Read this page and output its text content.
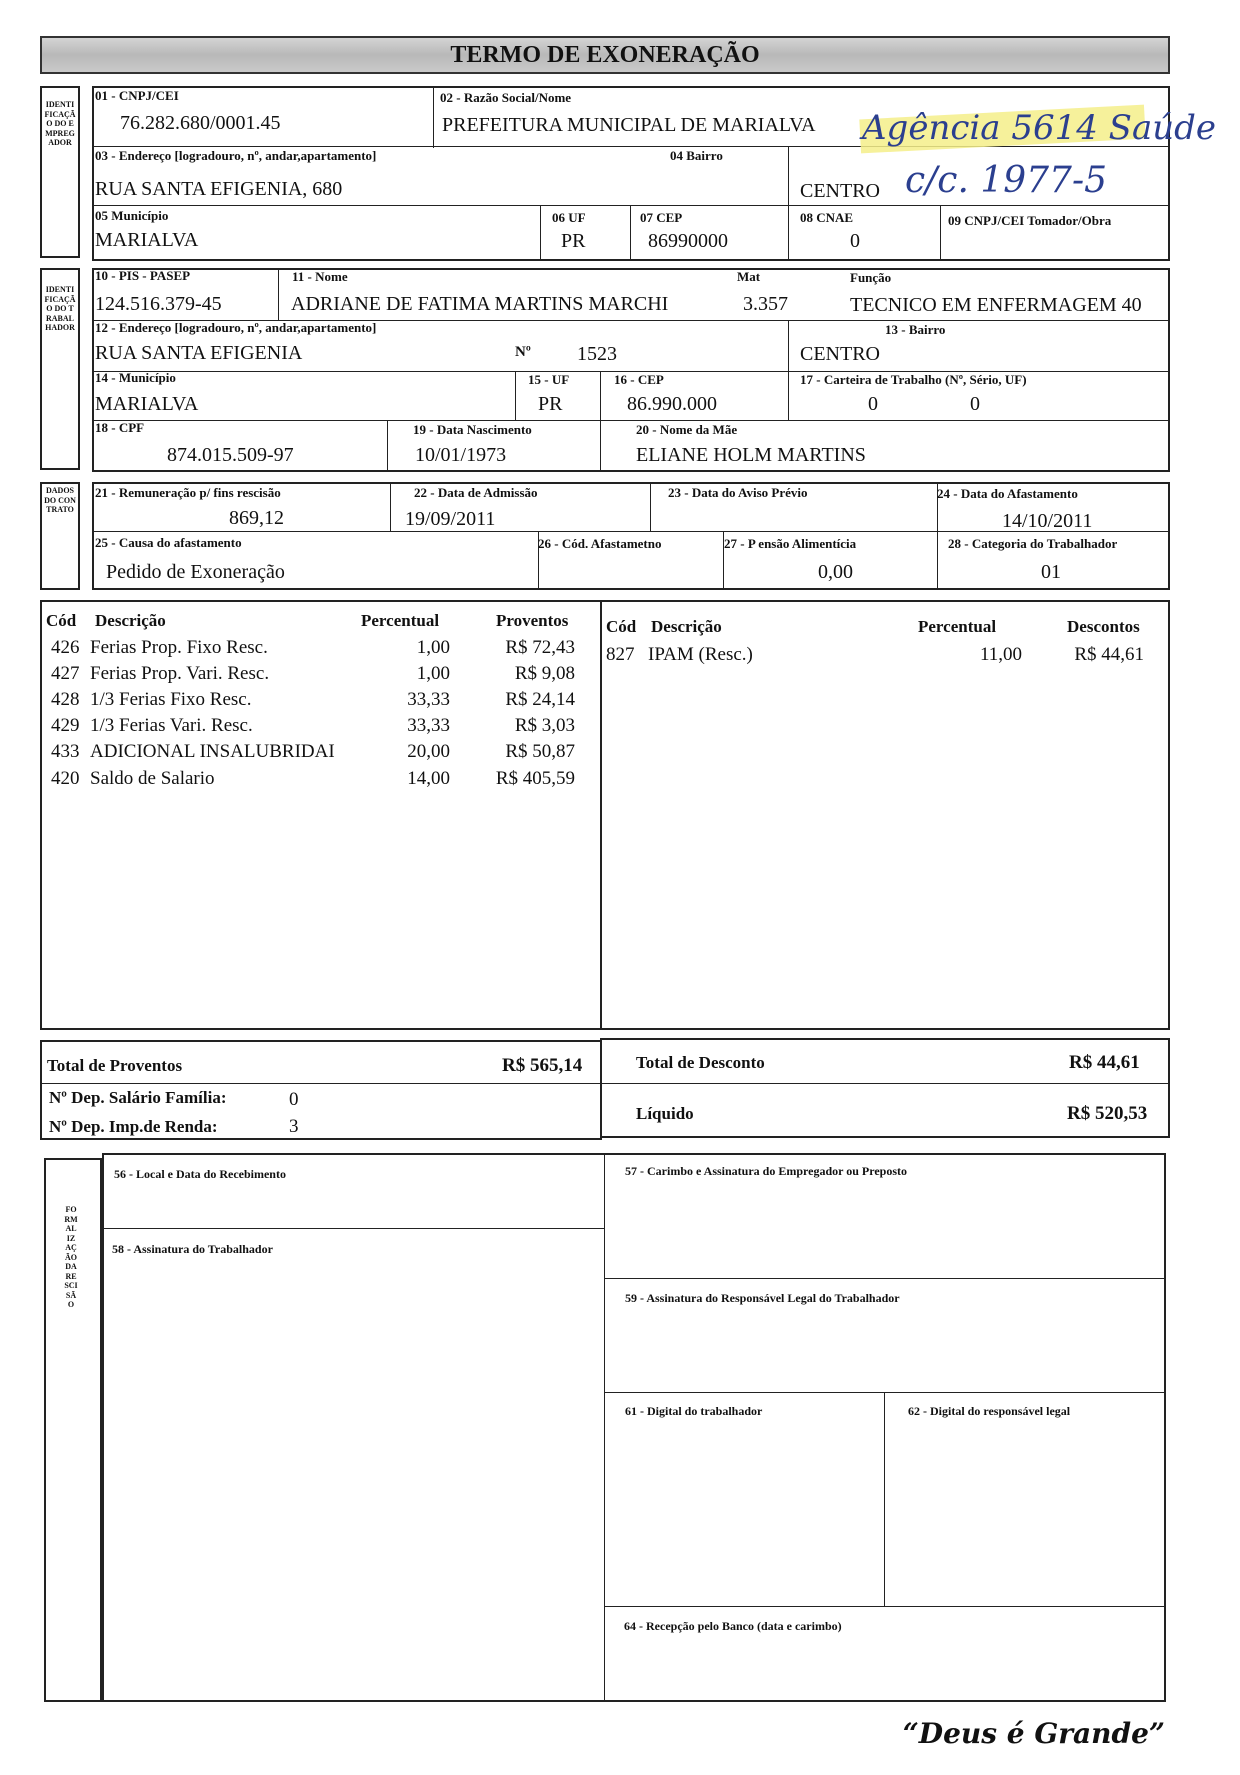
TERMO DE EXONERAÇÃO
IDENTIFICAÇÃO DO EMPREGADOR
01 - CNPJ/CEI
76.282.680/0001.45
02 - Razão Social/Nome
PREFEITURA MUNICIPAL DE MARIALVA
03 - Endereço [logradouro, nº, andar,apartamento]
RUA SANTA EFIGENIA, 680
04 Bairro
CENTRO
05 Município
MARIALVA
06 UF
PR
07 CEP
86990000
08 CNAE
0
09 CNPJ/CEI Tomador/Obra
Agência 5614 Saúde
c/c. 1977-5
IDENTIFICAÇÃO DO TRABALHADOR
10 - PIS - PASEP
124.516.379-45
11 - Nome
ADRIANE DE FATIMA MARTINS MARCHI
Mat
3.357
Função
TECNICO EM ENFERMAGEM 40
12 - Endereço [logradouro, nº, andar,apartamento]
RUA SANTA EFIGENIA	Nº 1523
13 - Bairro
CENTRO
14 - Município
MARIALVA
15 - UF
PR
16 - CEP
86.990.000
17 - Carteira de Trabalho (Nº, Sério, UF)
0	0
18 - CPF
874.015.509-97
19 - Data Nascimento
10/01/1973
20 - Nome da Mãe
ELIANE HOLM MARTINS
DADOS DO CONTRATO
21 - Remuneração p/ fins rescisão
869,12
22 - Data de Admissão
19/09/2011
23 - Data do Aviso Prévio	24 - Data do Afastamento
14/10/2011
25 - Causa do afastamento
Pedido de Exoneração
26 - Cód. Afastametno	27 - P ensão Alimentícia
0,00
28 - Categoria do Trabalhador
01
Cód Descrição	Percentual	Proventos
426 Ferias Prop. Fixo Resc.	1,00	R$ 72,43
427 Ferias Prop. Vari. Resc.	1,00	R$ 9,08
428 1/3 Ferias Fixo Resc.	33,33	R$ 24,14
429 1/3 Ferias Vari. Resc.	33,33	R$ 3,03
433 ADICIONAL INSALUBRIDAI	20,00	R$ 50,87
420 Saldo de Salario	14,00	R$ 405,59
Cód Descrição	Percentual	Descontos
827 IPAM (Resc.)	11,00	R$ 44,61
Total de Proventos	R$ 565,14	Total de Desconto	R$ 44,61
Nº Dep. Salário Família:	0
Nº Dep. Imp.de Renda:	3
Líquido	R$ 520,53
FORMALIZAÇÃO DA RESCISÃO
56 - Local e Data do Recebimento	57 - Carimbo e Assinatura do Empregador ou Preposto
58 - Assinatura do Trabalhador
59 - Assinatura do Responsável Legal do Trabalhador
61 - Digital do trabalhador	62 - Digital do responsável legal
64 - Recepção pelo Banco (data e carimbo)
“Deus é Grande”
